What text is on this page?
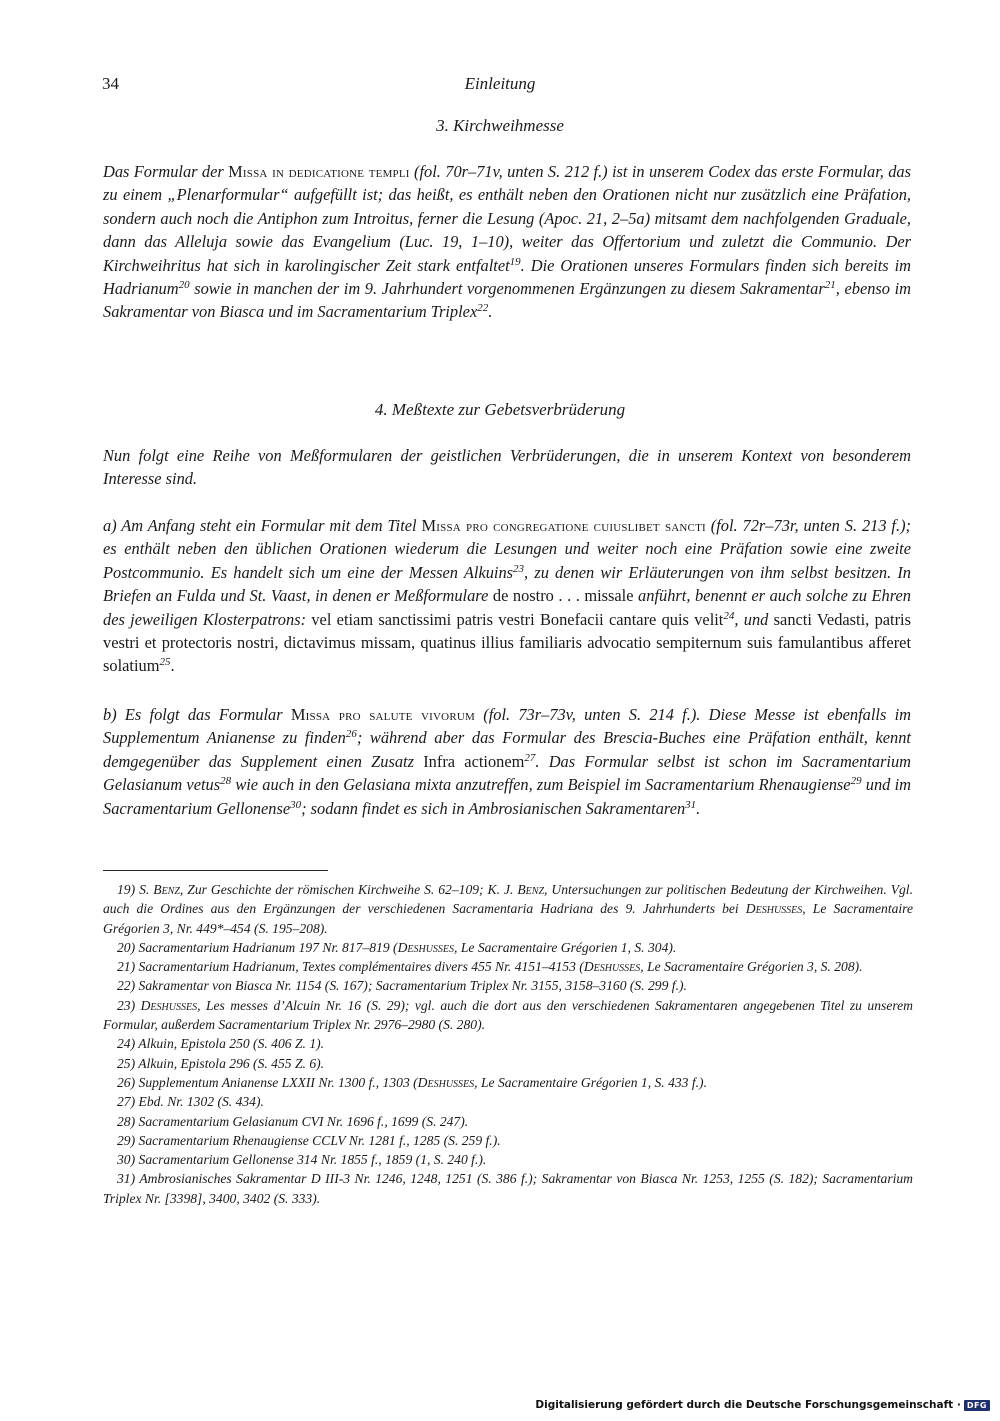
34	Einleitung
3. Kirchweihmesse

Das Formular der Missa in dedicatione templi (fol. 70r–71v, unten S. 212 f.) ist in unserem Codex das erste Formular, das zu einem „Plenarformular“ aufgefüllt ist; das heißt, es enthält neben den Orationen nicht nur zusätzlich eine Präfation, sondern auch noch die Antiphon zum Introitus, ferner die Lesung (Apoc. 21, 2–5a) mitsamt dem nachfolgenden Graduale, dann das Alleluja sowie das Evangelium (Luc. 19, 1–10), weiter das Offertorium und zuletzt die Communio. Der Kirchweihritus hat sich in karolingischer Zeit stark entfaltet$^{19}$. Die Orationen unseres Formulars finden sich bereits im Hadrianum$^{20}$ sowie in manchen der im 9. Jahrhundert vorgenommenen Ergänzungen zu diesem Sakramentar$^{21}$, ebenso im Sakramentar von Biasca und im Sacramentarium Triplex$^{22}$.

4. Meßtexte zur Gebetsverbrüderung

Nun folgt eine Reihe von Meßformularen der geistlichen Verbrüderungen, die in unserem Kontext von besonderem Interesse sind.

a) Am Anfang steht ein Formular mit dem Titel Missa pro congregatione cuiuslibet sancti (fol. 72r–73r, unten S. 213 f.); es enthält neben den üblichen Orationen wiederum die Lesungen und weiter noch eine Präfation sowie eine zweite Postcommunio. Es handelt sich um eine der Messen Alkuins$^{23}$, zu denen wir Erläuterungen von ihm selbst besitzen. In Briefen an Fulda und St. Vaast, in denen er Meßformulare de nostro . . . missale anführt, benennt er auch solche zu Ehren des jeweiligen Klosterpatrons: vel etiam sanctissimi patris vestri Bonefacii cantare quis velit$^{24}$, und sancti Vedasti, patris vestri et protectoris nostri, dictavimus missam, quatinus illius familiaris advocatio sempiternum suis famulantibus afferet solatium$^{25}$.

b) Es folgt das Formular Missa pro salute vivorum (fol. 73r–73v, unten S. 214 f.). Diese Messe ist ebenfalls im Supplementum Anianense zu finden$^{26}$; während aber das Formular des Brescia-Buches eine Präfation enthält, kennt demgegenüber das Supplement einen Zusatz Infra actionem$^{27}$. Das Formular selbst ist schon im Sacramentarium Gelasianum vetus$^{28}$ wie auch in den Gelasiana mixta anzutreffen, zum Beispiel im Sacramentarium Rhenaugiense$^{29}$ und im Sacramentarium Gellonense$^{30}$; sodann findet es sich in Ambrosianischen Sakramentaren$^{31}$.

19) S. Benz, Zur Geschichte der römischen Kirchweihe S. 62–109; K. J. Benz, Untersuchungen zur politischen Bedeutung der Kirchweihen. Vgl. auch die Ordines aus den Ergänzungen der verschiedenen Sacramentaria Hadriana des 9. Jahrhunderts bei Deshusses, Le Sacramentaire Grégorien 3, Nr. 449*–454 (S. 195–208).

20) Sacramentarium Hadrianum 197 Nr. 817–819 (Deshusses, Le Sacramentaire Grégorien 1, S. 304).

21) Sacramentarium Hadrianum, Textes complémentaires divers 455 Nr. 4151–4153 (Deshusses, Le Sacramentaire Grégorien 3, S. 208).

22) Sakramentar von Biasca Nr. 1154 (S. 167); Sacramentarium Triplex Nr. 3155, 3158–3160 (S. 299 f.).

23) Deshusses, Les messes d’Alcuin Nr. 16 (S. 29); vgl. auch die dort aus den verschiedenen Sakramentaren angegebenen Titel zu unserem Formular, außerdem Sacramentarium Triplex Nr. 2976–2980 (S. 280).

24) Alkuin, Epistola 250 (S. 406 Z. 1).

25) Alkuin, Epistola 296 (S. 455 Z. 6).

26) Supplementum Anianense LXXII Nr. 1300 f., 1303 (Deshusses, Le Sacramentaire Grégorien 1, S. 433 f.).

27) Ebd. Nr. 1302 (S. 434).

28) Sacramentarium Gelasianum CVI Nr. 1696 f., 1699 (S. 247).

29) Sacramentarium Rhenaugiense CCLV Nr. 1281 f., 1285 (S. 259 f.).

30) Sacramentarium Gellonense 314 Nr. 1855 f., 1859 (1, S. 240 f.).

31) Ambrosianisches Sakramentar D III-3 Nr. 1246, 1248, 1251 (S. 386 f.); Sakramentar von Biasca Nr. 1253, 1255 (S. 182); Sacramentarium Triplex Nr. [3398], 3400, 3402 (S. 333).

Digitalisierung gefördert durch die Deutsche Forschungsgemeinschaft · DFG
